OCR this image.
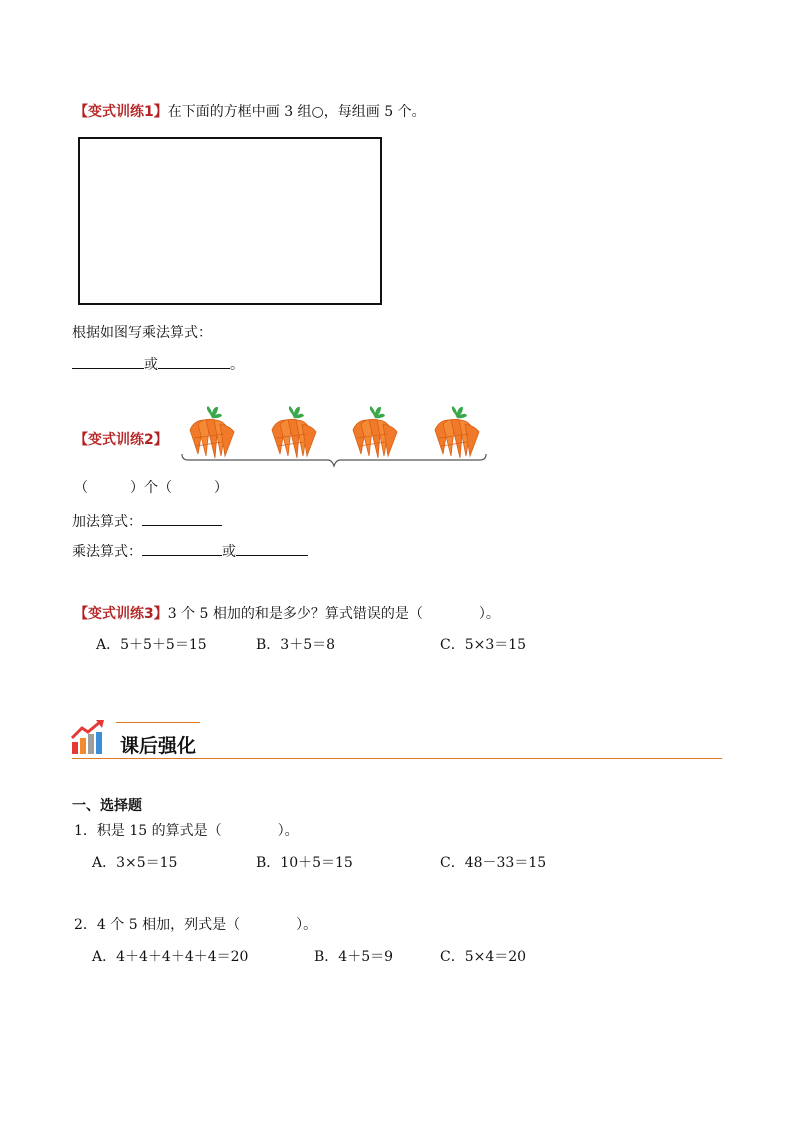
【变式训练1】在下面的方框中画 3 组○，每组画 5 个。
根据如图写乘法算式：
或	。
【变式训练2】
（　　　）个（　　　）
加法算式：
乘法算式：	或
【变式训练3】3 个 5 相加的和是多少？算式错误的是（　　　　）。
A．5＋5＋5＝15	B．3＋5＝8	C．5×3＝15
课后强化
一、选择题
1．积是 15 的算式是（　　　　）。
A．3×5＝15	B．10＋5＝15	C．48－33＝15
2．4 个 5 相加，列式是（　　　　）。
A．4＋4＋4＋4＋4＝20	B．4＋5＝9	C．5×4＝20
